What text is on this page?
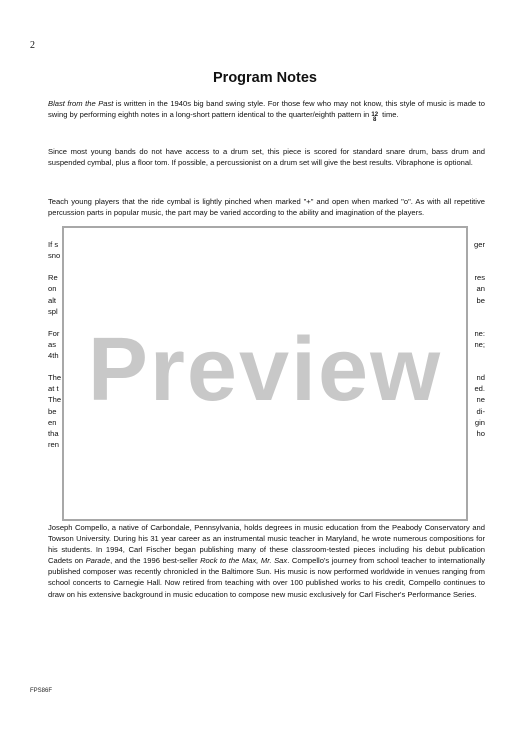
2
Program Notes

Blast from the Past is written in the 1940s big band swing style. For those few who may not know, this style of music is made to swing by performing eighth notes in a long-short pattern identical to the quarter/eighth pattern in 12
8
time.

Since most young bands do not have access to a drum set, this piece is scored for standard snare drum, bass drum and suspended cymbal, plus a floor tom. If possible, a percussionist on a drum set will give the best results. Vibraphone is optional.

Teach young players that the ride cymbal is lightly pinched when marked "+" and open when marked "o". As with all repetitive percussion parts in popular music, the part may be varied according to the ability and imagination of the players.

If s	ger
sno
Re	res
on	an
alt	be
spl
For	ne:
as	ne;
4th
The	nd
at t	ed.
The	ne
be	di-
en	gin
tha	ho
ren
Preview

Joseph Compello, a native of Carbondale, Pennsylvania, holds degrees in music education from the Peabody Conservatory and Towson University. During his 31 year career as an instrumental music teacher in Maryland, he wrote numerous compositions for his students. In 1994, Carl Fischer began publishing many of these classroom-tested pieces including his debut publication Cadets on Parade, and the 1996 best-seller Rock to the Max, Mr. Sax. Compello's journey from school teacher to internationally published composer was recently chronicled in the Baltimore Sun. His music is now performed worldwide in venues ranging from school concerts to Carnegie Hall. Now retired from teaching with over 100 published works to his credit, Compello continues to draw on his extensive background in music education to compose new music exclusively for Carl Fischer's Performance Series.

FPS86F
